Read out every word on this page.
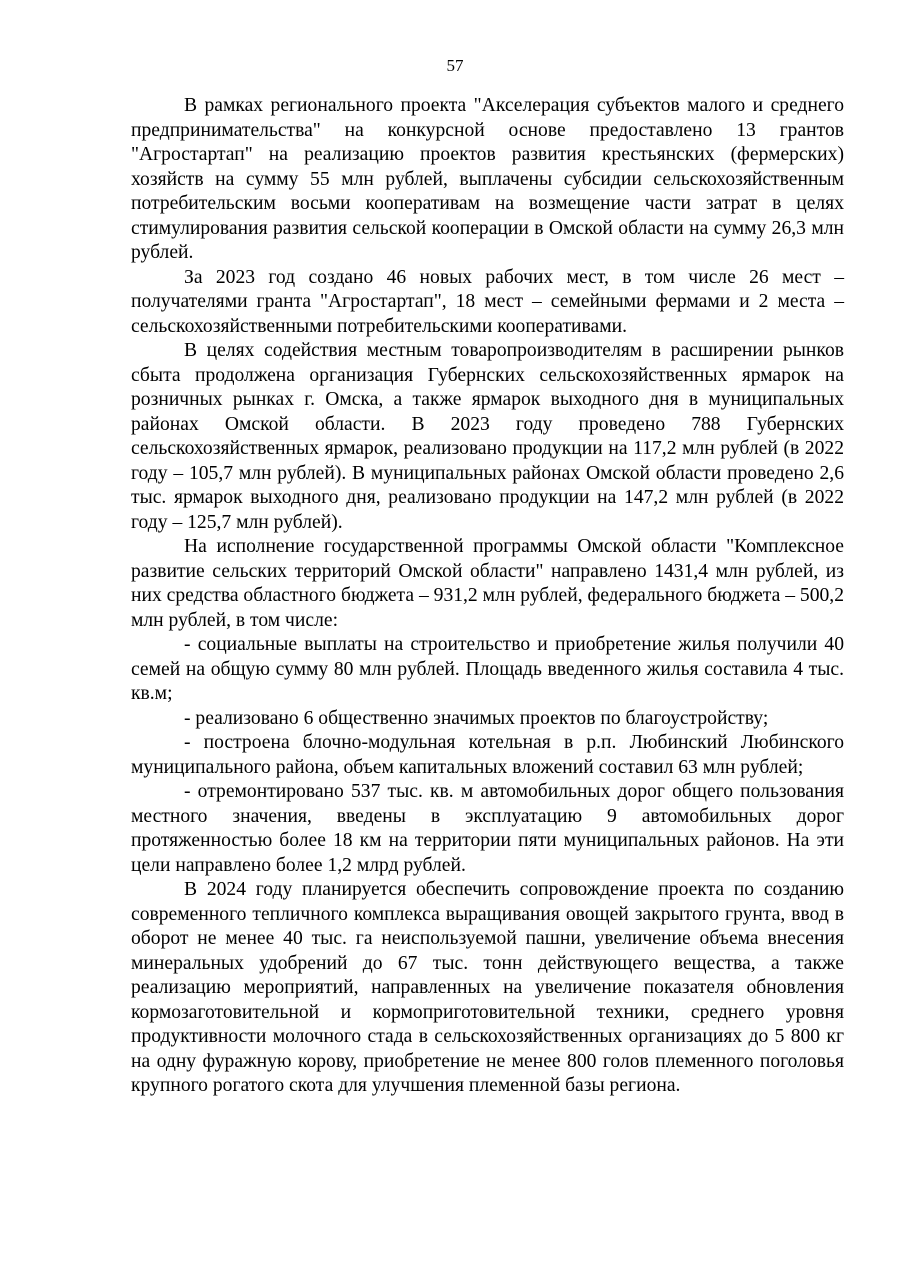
57

В рамках регионального проекта "Акселерация субъектов малого и среднего предпринимательства" на конкурсной основе предоставлено 13 грантов "Агростартап" на реализацию проектов развития крестьянских (фермерских) хозяйств на сумму 55 млн рублей, выплачены субсидии сельскохозяйственным потребительским восьми кооперативам на возмещение части затрат в целях стимулирования развития сельской кооперации в Омской области на сумму 26,3 млн рублей.

За 2023 год создано 46 новых рабочих мест, в том числе 26 мест – получателями гранта "Агростартап", 18 мест – семейными фермами и 2 места – сельскохозяйственными потребительскими кооперативами.

В целях содействия местным товаропроизводителям в расширении рынков сбыта продолжена организация Губернских сельскохозяйственных ярмарок на розничных рынках г. Омска, а также ярмарок выходного дня в муниципальных районах Омской области. В 2023 году проведено 788 Губернских сельскохозяйственных ярмарок, реализовано продукции на 117,2 млн рублей (в 2022 году – 105,7 млн рублей). В муниципальных районах Омской области проведено 2,6 тыс. ярмарок выходного дня, реализовано продукции на 147,2 млн рублей (в 2022 году – 125,7 млн рублей).

На исполнение государственной программы Омской области "Комплексное развитие сельских территорий Омской области" направлено 1431,4 млн рублей, из них средства областного бюджета – 931,2 млн рублей, федерального бюджета – 500,2 млн рублей, в том числе:

- социальные выплаты на строительство и приобретение жилья получили 40 семей на общую сумму 80 млн рублей. Площадь введенного жилья составила 4 тыс. кв.м;

- реализовано 6 общественно значимых проектов по благоустройству;

- построена блочно-модульная котельная в р.п. Любинский Любинского муниципального района, объем капитальных вложений составил 63 млн рублей;

- отремонтировано 537 тыс. кв. м автомобильных дорог общего пользования местного значения, введены в эксплуатацию 9 автомобильных дорог протяженностью более 18 км на территории пяти муниципальных районов. На эти цели направлено более 1,2 млрд рублей.

В 2024 году планируется обеспечить сопровождение проекта по созданию современного тепличного комплекса выращивания овощей закрытого грунта, ввод в оборот не менее 40 тыс. га неиспользуемой пашни, увеличение объема внесения минеральных удобрений до 67 тыс. тонн действующего вещества, а также реализацию мероприятий, направленных на увеличение показателя обновления кормозаготовительной и кормоприготовительной техники, среднего уровня продуктивности молочного стада в сельскохозяйственных организациях до 5 800 кг на одну фуражную корову, приобретение не менее 800 голов племенного поголовья крупного рогатого скота для улучшения племенной базы региона.
